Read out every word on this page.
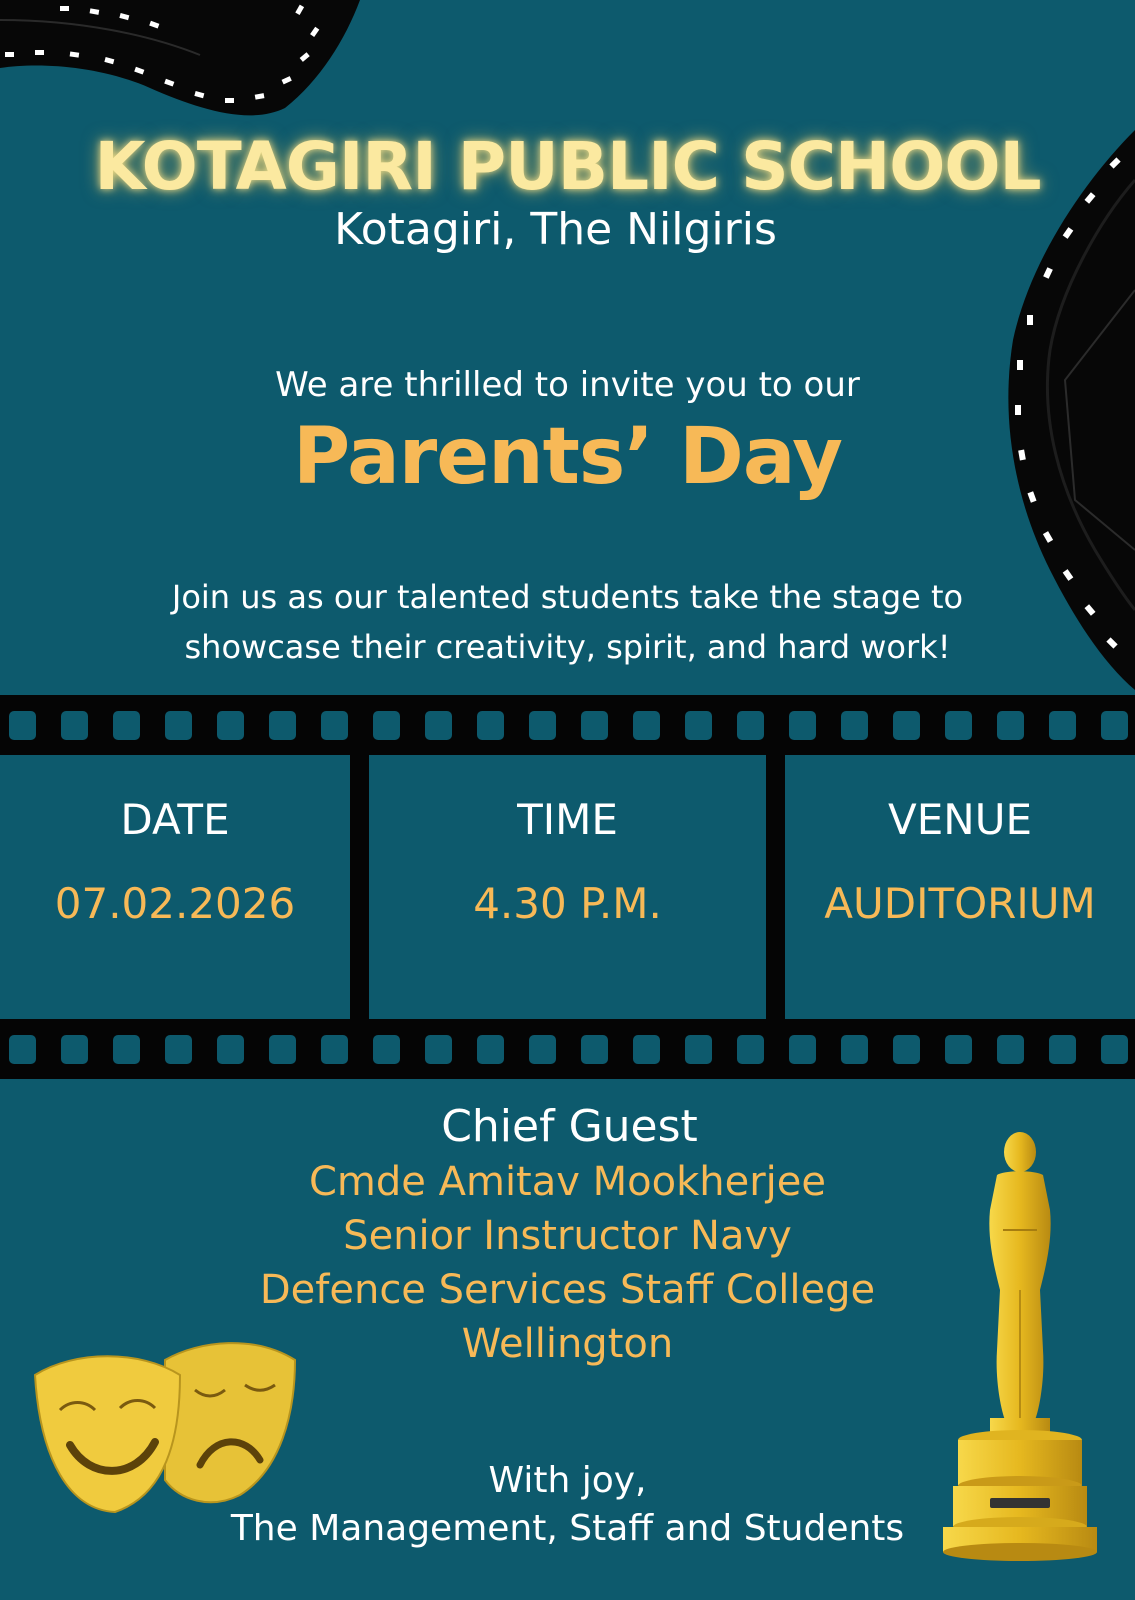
KOTAGIRI PUBLIC SCHOOL
Kotagiri, The Nilgiris
We are thrilled to invite you to our
Parents’ Day
Join us as our talented students take the stage to
showcase their creativity, spirit, and hard work!
DATE
07.02.2026
TIME
4.30 P.M.
VENUE
AUDITORIUM
Chief Guest
Cmde Amitav Mookherjee
Senior Instructor Navy
Defence Services Staff College
Wellington
With joy,
The Management, Staff and Students
